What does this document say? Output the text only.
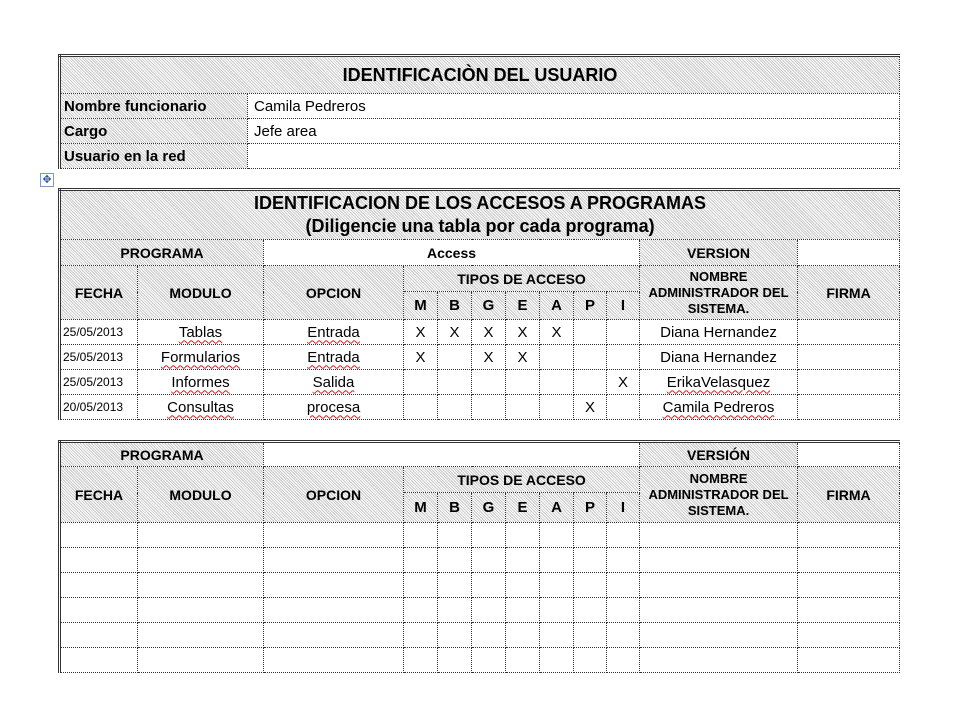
IDENTIFICACIÒN DEL USUARIO	
Nombre funcionario	Camila Pedreros
Cargo	Jefe area
Usuario en la red	
✥
IDENTIFICACION DE LOS ACCESOS A PROGRAMAS
(Diligencie una tabla por cada programa)											

PROGRAMA		Access								VERSION	
FECHA	MODULO	OPCION	TIPOS DE ACCESO							NOMBRE ADMINISTRADOR DEL SISTEMA.	FIRMA
			M	B	G	E	A	P	I		
25/05/2013	Tablas	Entrada	X	X	X	X	X			Diana Hernandez	
25/05/2013	Formularios	Entrada	X		X	X				Diana Hernandez	
25/05/2013	Informes	Salida							X	ErikaVelasquez	
20/05/2013	Consultas	procesa						X		Camila Pedreros	
PROGRAMA										VERSIÓN	
FECHA	MODULO	OPCION	TIPOS DE ACCESO							NOMBRE ADMINISTRADOR DEL SISTEMA.	FIRMA
			M	B	G	E	A	P	I		
